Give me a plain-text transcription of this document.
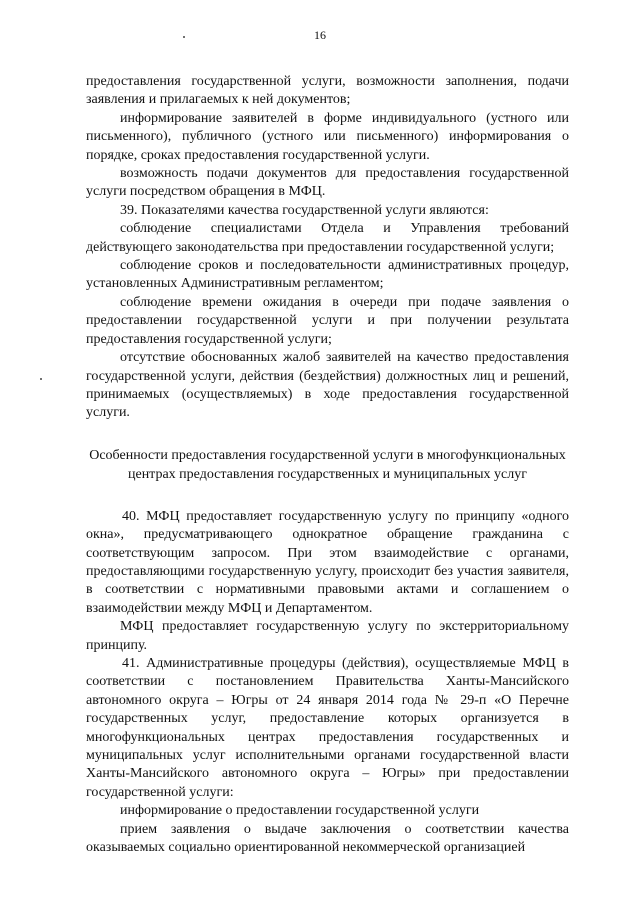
16

предоставления государственной услуги, возможности заполнения, подачи заявления и прилагаемых к ней документов;

информирование заявителей в форме индивидуального (устного или письменного), публичного (устного или письменного) информирования о порядке, сроках предоставления государственной услуги.

возможность подачи документов для предоставления государственной услуги посредством обращения в МФЦ.

39. Показателями качества государственной услуги являются:

соблюдение специалистами Отдела и Управления требований действующего законодательства при предоставлении государственной услуги;

соблюдение сроков и последовательности административных процедур, установленных Административным регламентом;

соблюдение времени ожидания в очереди при подаче заявления о предоставлении государственной услуги и при получении результата предоставления государственной услуги;

отсутствие обоснованных жалоб заявителей на качество предоставления государственной услуги, действия (бездействия) должностных лиц и решений, принимаемых (осуществляемых) в ходе предоставления государственной услуги.

Особенности предоставления государственной услуги в многофункциональных центрах предоставления государственных и муниципальных услуг

40. МФЦ предоставляет государственную услугу по принципу «одного окна», предусматривающего однократное обращение гражданина с соответствующим запросом. При этом взаимодействие с органами, предоставляющими государственную услугу, происходит без участия заявителя, в соответствии с нормативными правовыми актами и соглашением о взаимодействии между МФЦ и Департаментом.

МФЦ предоставляет государственную услугу по экстерриториальному принципу.

41. Административные процедуры (действия), осуществляемые МФЦ в соответствии с постановлением Правительства Ханты-Мансийского автономного округа – Югры от 24 января 2014 года № 29-п «О Перечне государственных услуг, предоставление которых организуется в многофункциональных центрах предоставления государственных и муниципальных услуг исполнительными органами государственной власти Ханты-Мансийского автономного округа – Югры» при предоставлении государственной услуги:

информирование о предоставлении государственной услуги

прием заявления о выдаче заключения о соответствии качества оказываемых социально ориентированной некоммерческой организацией
